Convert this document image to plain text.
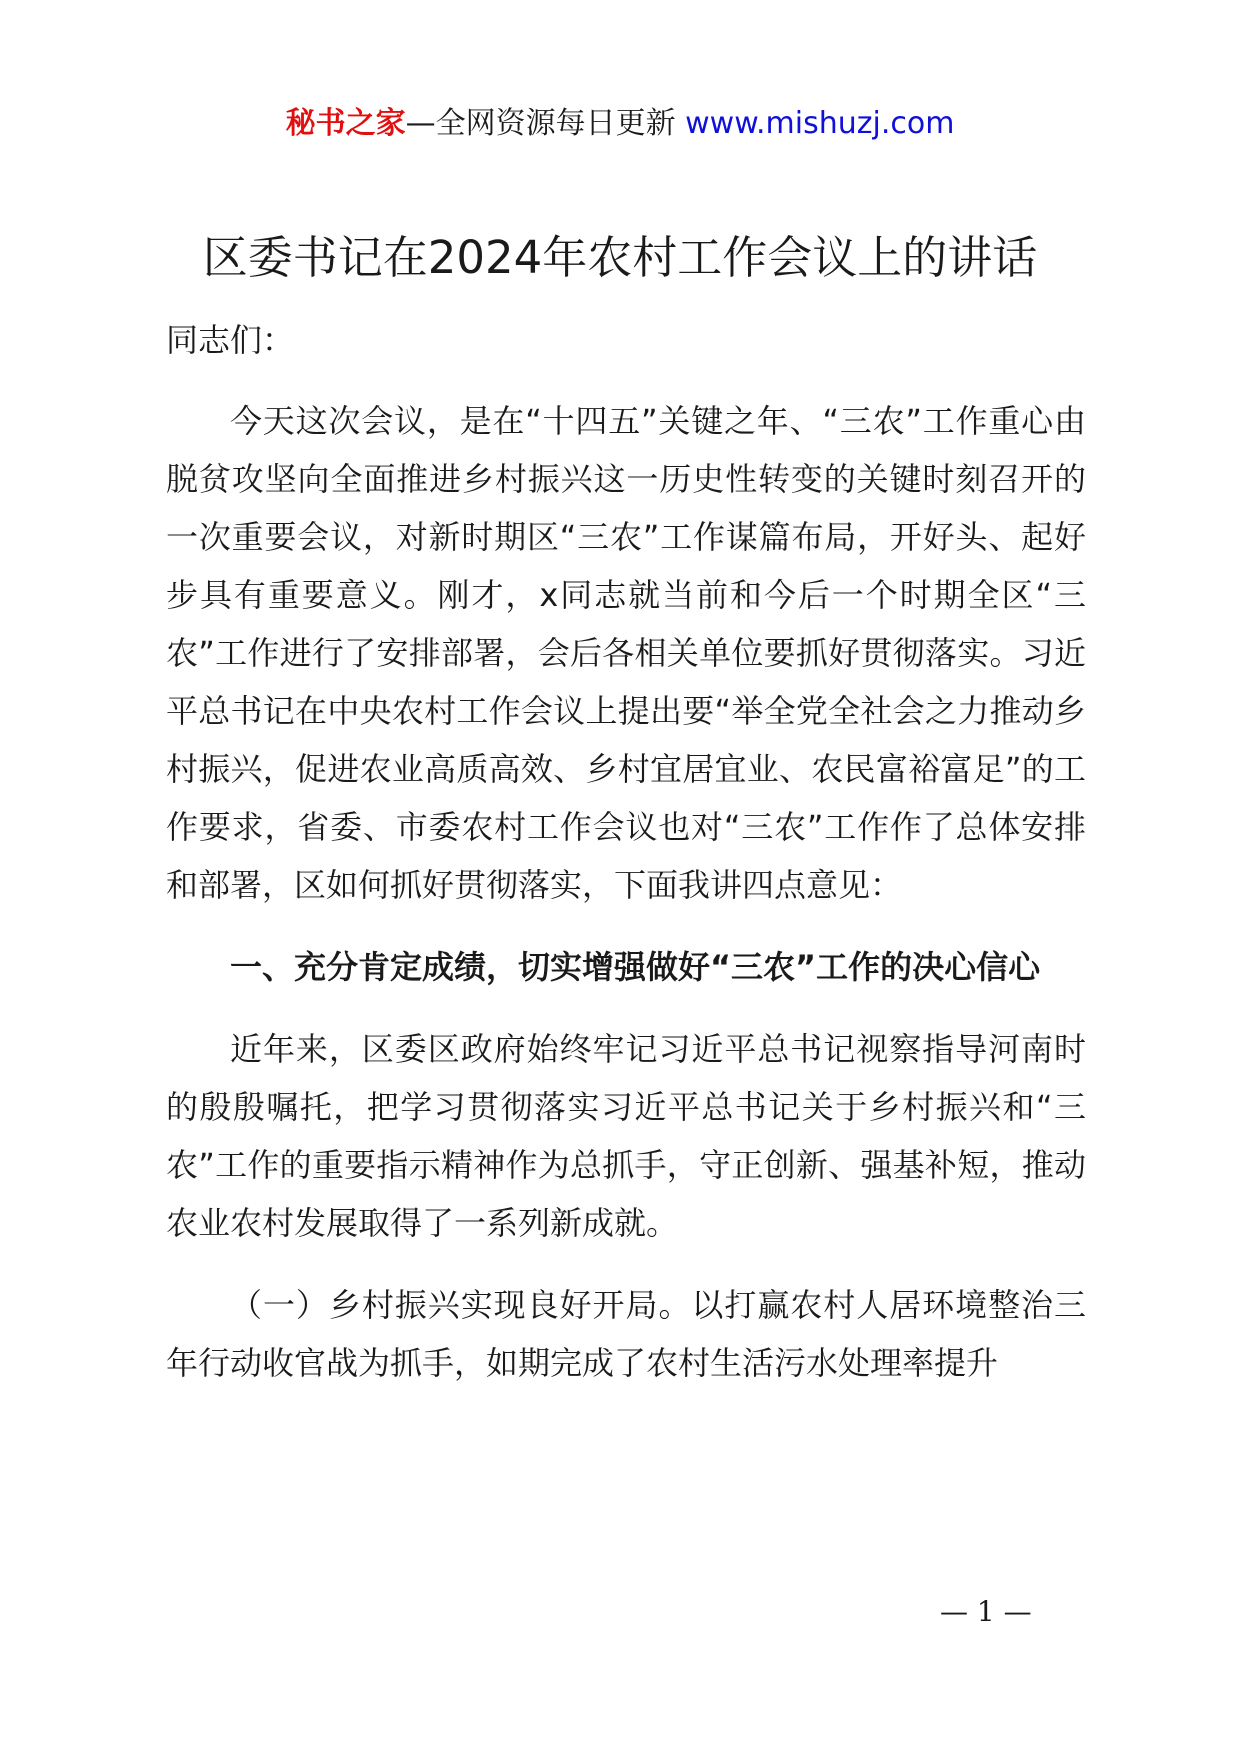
秘书之家—全网资源每日更新 www.mishuzj.com
区委书记在2024年农村工作会议上的讲话
同志们：

今天这次会议，是在“十四五”关键之年、“三农”工作重心由脱贫攻坚向全面推进乡村振兴这一历史性转变的关键时刻召开的一次重要会议，对新时期区“三农”工作谋篇布局，开好头、起好步具有重要意义。刚才，x同志就当前和今后一个时期全区“三农”工作进行了安排部署，会后各相关单位要抓好贯彻落实。习近平总书记在中央农村工作会议上提出要“举全党全社会之力推动乡村振兴，促进农业高质高效、乡村宜居宜业、农民富裕富足”的工作要求，省委、市委农村工作会议也对“三农”工作作了总体安排和部署，区如何抓好贯彻落实，下面我讲四点意见：

一、充分肯定成绩，切实增强做好“三农”工作的决心信心

近年来，区委区政府始终牢记习近平总书记视察指导河南时的殷殷嘱托，把学习贯彻落实习近平总书记关于乡村振兴和“三农”工作的重要指示精神作为总抓手，守正创新、强基补短，推动农业农村发展取得了一系列新成就。

（一）乡村振兴实现良好开局。以打赢农村人居环境整治三年行动收官战为抓手，如期完成了农村生活污水处理率提升

— 1 —
